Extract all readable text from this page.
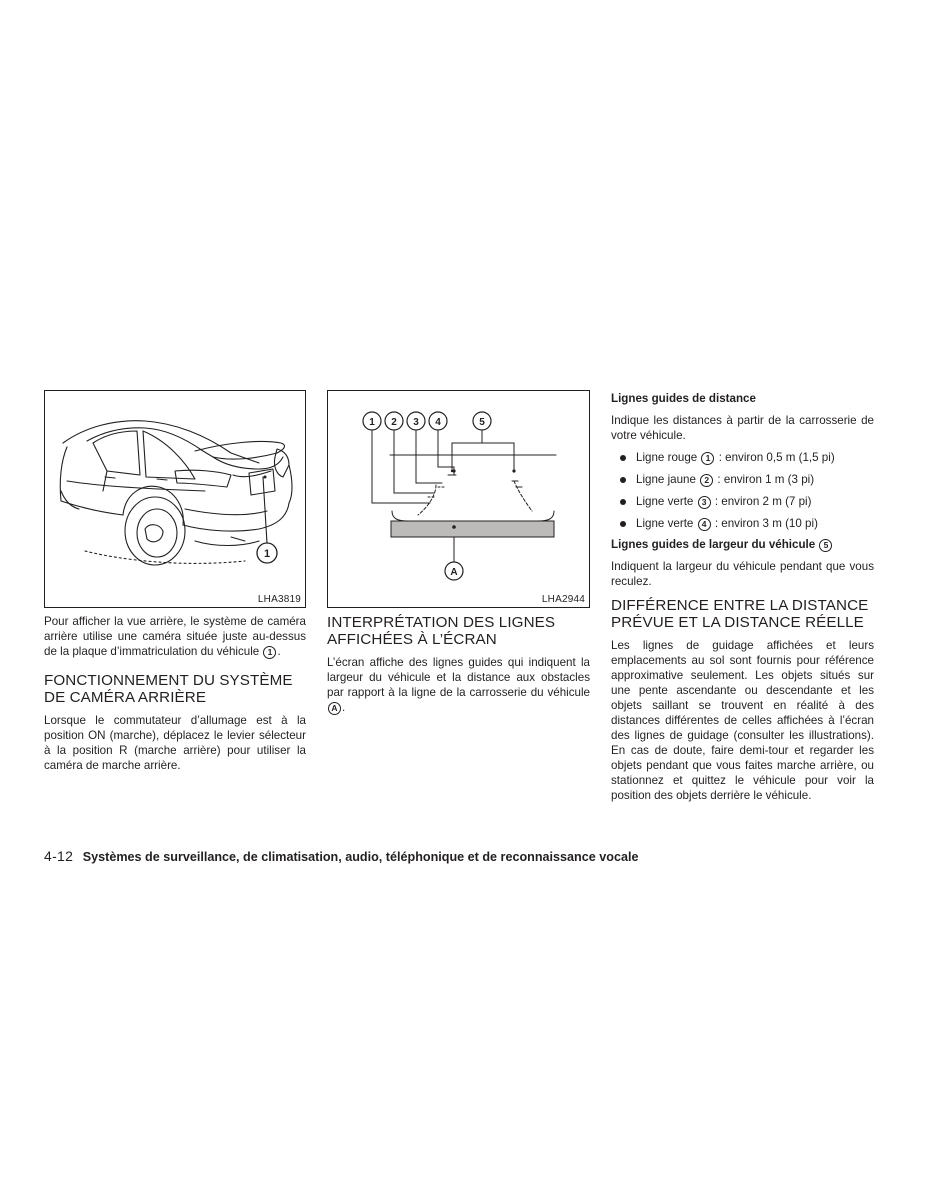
1
LHA3819

Pour afficher la vue arrière, le système de caméra arrière utilise une caméra située juste au-dessus de la plaque d’immatriculation du véhicule 1 .

FONCTIONNEMENT DU SYSTÈME
DE CAMÉRA ARRIÈRE

Lorsque le commutateur d’allumage est à la position ON (marche), déplacez le levier sélecteur à la position R (marche arrière) pour utiliser la caméra de marche arrière.

1 2 3 4	5
A
LHA2944
INTERPRÉTATION DES LIGNES
AFFICHÉES À L’ÉCRAN

L’écran affiche des lignes guides qui indiquent la largeur du véhicule et la distance aux obstacles par rapport à la ligne de la carrosserie du véhicule A .

Lignes guides de distance

Indique les distances à partir de la carrosserie de votre véhicule.

Ligne rouge 1 : environ 0,5 m (1,5 pi)
Ligne jaune 2 : environ 1 m (3 pi)
Ligne verte 3 : environ 2 m (7 pi)
Ligne verte 4 : environ 3 m (10 pi)
Lignes guides de largeur du véhicule 5

Indiquent la largeur du véhicule pendant que vous reculez.

DIFFÉRENCE ENTRE LA DISTANCE
PRÉVUE ET LA DISTANCE RÉELLE

Les lignes de guidage affichées et leurs emplacements au sol sont fournis pour référence approximative seulement. Les objets situés sur une pente ascendante ou descendante et les objets saillant se trouvent en réalité à des distances différentes de celles affichées à l’écran des lignes de guidage (consulter les illustrations). En cas de doute, faire demi-tour et regarder les objets pendant que vous faites marche arrière, ou stationnez et quittez le véhicule pour voir la position des objets derrière le véhicule.

4-12 Systèmes de surveillance, de climatisation, audio, téléphonique et de reconnaissance vocale
